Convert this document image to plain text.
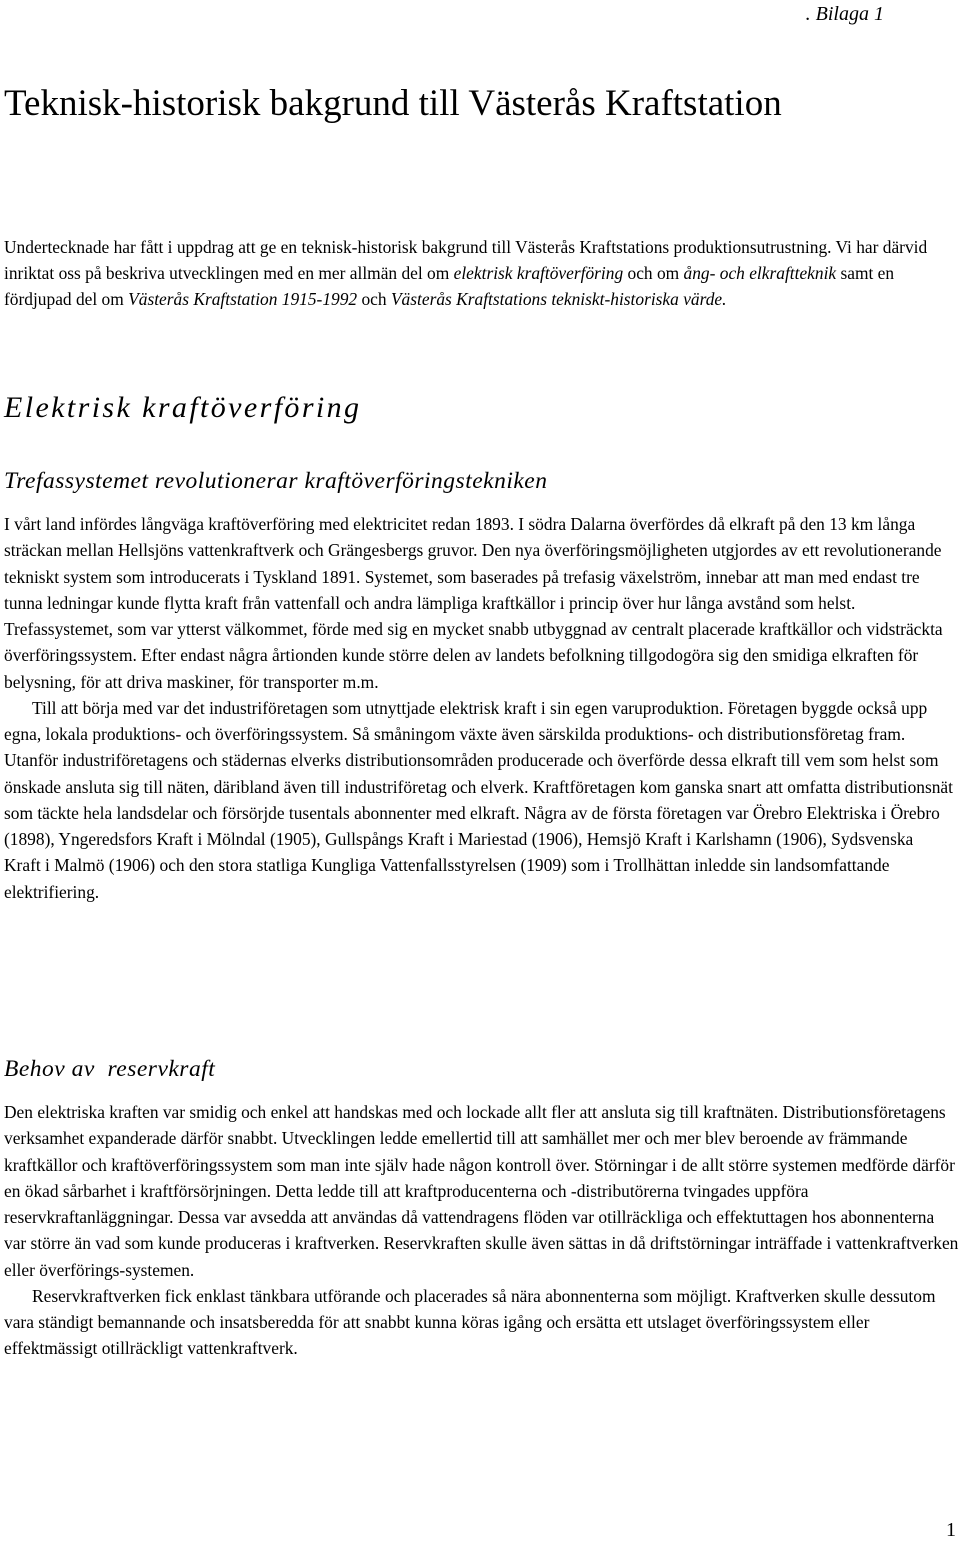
. Bilaga 1
Teknisk-historisk bakgrund till Västerås Kraftstation

Undertecknade har fått i uppdrag att ge en teknisk-historisk bakgrund till Västerås Kraftstations produktionsutrustning. Vi har därvid inriktat oss på beskriva utvecklingen med en mer allmän del om elektrisk kraftöverföring och om ång- och elkraftteknik samt en fördjupad del om Västerås Kraftstation 1915-1992 och Västerås Kraftstations tekniskt-historiska värde.

Elektrisk kraftöverföring
Trefassystemet revolutionerar kraftöverföringstekniken

I vårt land infördes långväga kraftöverföring med elektricitet redan 1893. I södra Dalarna överfördes då elkraft på den 13 km långa sträckan mellan Hellsjöns vattenkraftverk och Grängesbergs gruvor. Den nya överföringsmöjligheten utgjordes av ett revolutionerande tekniskt system som introducerats i Tyskland 1891. Systemet, som baserades på trefasig växelström, innebar att man med endast tre tunna ledningar kunde flytta kraft från vattenfall och andra lämpliga kraftkällor i princip över hur långa avstånd som helst. Trefassystemet, som var ytterst välkommet, förde med sig en mycket snabb utbyggnad av centralt placerade kraftkällor och vidsträckta överföringssystem. Efter endast några årtionden kunde större delen av landets befolkning tillgodogöra sig den smidiga elkraften för belysning, för att driva maskiner, för transporter m.m.

Till att börja med var det industriföretagen som utnyttjade elektrisk kraft i sin egen varuproduktion. Företagen byggde också upp egna, lokala produktions- och överföringssystem. Så småningom växte även särskilda produktions- och distributionsföretag fram. Utanför industriföretagens och städernas elverks distributionsområden producerade och överförde dessa elkraft till vem som helst som önskade ansluta sig till näten, däribland även till industriföretag och elverk. Kraftföretagen kom ganska snart att omfatta distributionsnät som täckte hela landsdelar och försörjde tusentals abonnenter med elkraft. Några av de första företagen var Örebro Elektriska i Örebro (1898), Yngeredsfors Kraft i Mölndal (1905), Gullspångs Kraft i Mariestad (1906), Hemsjö Kraft i Karlshamn (1906), Sydsvenska Kraft i Malmö (1906) och den stora statliga Kungliga Vattenfallsstyrelsen (1909) som i Trollhättan inledde sin landsomfattande elektrifiering.

Behov av  reservkraft

Den elektriska kraften var smidig och enkel att handskas med och lockade allt fler att ansluta sig till kraftnäten. Distributionsföretagens verksamhet expanderade därför snabbt. Utvecklingen ledde emellertid till att samhället mer och mer blev beroende av främmande kraftkällor och kraftöverföringssystem som man inte själv hade någon kontroll över. Störningar i de allt större systemen medförde därför en ökad sårbarhet i kraftförsörjningen. Detta ledde till att kraftproducenterna och -distributörerna tvingades uppföra reservkraftanläggningar. Dessa var avsedda att användas då vattendragens flöden var otillräckliga och effektuttagen hos abonnenterna var större än vad som kunde produceras i kraftverken. Reservkraften skulle även sättas in då driftstörningar inträffade i vattenkraftverken eller överförings-systemen.

Reservkraftverken fick enklast tänkbara utförande och placerades så nära abonnenterna som möjligt. Kraftverken skulle dessutom vara ständigt bemannande och insatsberedda för att snabbt kunna köras igång och ersätta ett utslaget överföringssystem eller effektmässigt otillräckligt vattenkraftverk.

1
